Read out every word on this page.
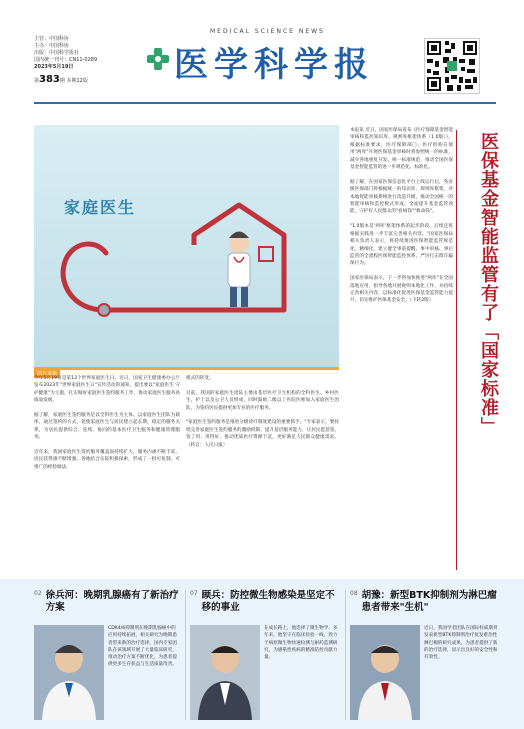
主管：中国科协
主办：中国科协
出版：中国科学报社
国内统一刊号：CN11-0289
2023年5月19日
第383期 本期12版
MEDICAL SCIENCE NEWS
医学科学报
家 庭 医 生
图片来源
本报讯 近日，国家医保局发布《医疗保障基金智能审核和监控知识库、规则库框架体系（1.0版）》。根据标准要求，医疗保障部门、医疗机构在使用"两库"开展医保基金审核时将参照统一的标准，减少各地重复开发、统一标准规范，推动全国医保基金智能监管的进一步规范化、标准化。

据了解，在国家医保信息化平台上线运行后，各省级医保部门将根据统一的知识库、规则库框架，对本地智能审核系统进行改造升级，推动全国统一的智能审核和监控模式形成，全面提升基金监管效能，守护好人民群众的"看病钱""救命钱"。

"1.0版本是'两库'框架体系的起步阶段，后续还将根据实践进一步丰富完善相关内容。"国家医保局相关负责人表示，将持续推进医保智能监管规范化、精细化，建立健全事前提醒、事中审核、事后监管的全流程医保智能监控体系，严厉打击欺诈骗保行为。

国家医保局表示，下一步将加快推进"两库"在全国落地应用，指导各地开展规则本地化工作，并持续完善相关内容，以标准化促进医保基金监管能力提升，切实维护医保基金安全。（下转2版）	医保基金智能监管有了「国家标准」
今年5月19日是第13个世界家庭医生日。近日，国家卫生健康委办公厅发布2023年"世界家庭医生日"宣传活动的通知，提出要以"家庭医生 守护健康"为主题，扎实做好家庭医生签约服务工作，推动家庭医生服务高质量发展。

据了解，家庭医生签约服务是以全科医生为主体、以家庭医生团队为载体，通过签约的方式，促使家庭医生与居民建立起长期、稳定的服务关系，为居民提供综合、连续、协同的基本医疗卫生服务和健康管理服务。

近年来，我国家庭医生签约服务覆盖面持续扩大，服务内涵不断丰富，居民获得感不断增强。各地结合实际积极探索，形成了一批可复制、可推广的经验做法。
模式的转变。

目前，我国的家庭医生团队主要由基层医疗卫生机构的全科医生、乡村医生、护士以及公卫人员组成，同时鼓励二级以上医院医师加入家庭医生团队，为签约居民提供更加专业的医疗服务。

"家庭医生签约服务是推进分级诊疗制度建设的重要抓手。"专家表示，要持续完善家庭医生签约服务的激励机制，提升基层服务能力，让居民愿意签、签了用、用得好，推动优质医疗资源下沉，更好满足人民群众健康需求。（转自：人民日报）
02 徐兵河：晚期乳腺癌有了新治疗方案
CDK4/6抑制剂在晚期乳腺癌中的应用持续拓展，相关研究为晚期患者带来新的治疗选择，国内专家团队在该领域开展了大量临床研究，推动治疗方案不断优化，为患者提供更多生存获益与生活质量改善。
07 顾兵：防控微生物感染是坚定不移的事业
在成长路上，他选择了微生物学。多年来，他坚守在临床检验一线，致力于病原微生物快速检测与耐药监测研究，为感染性疾病的精准防控贡献力量。
08 胡豫：新型BTK抑制剂为淋巴瘤患者带来"生机"
近日，我国学者团队在国际权威期刊发表新型BTK抑制剂治疗复发难治性淋巴瘤的研究成果，为患者提供了新的治疗选择，显示出良好的安全性和有效性。
